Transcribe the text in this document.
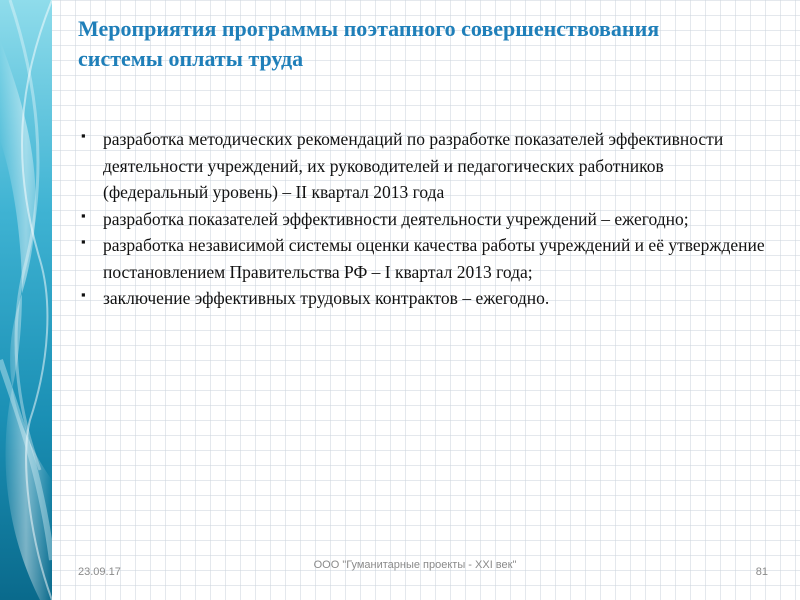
Мероприятия программы поэтапного совершенствования системы оплаты труда
▪ разработка методических рекомендаций по разработке показателей эффективности деятельности учреждений, их руководителей и педагогических работников (федеральный уровень) – II квартал 2013 года
▪ разработка показателей эффективности деятельности учреждений – ежегодно;
▪ разработка независимой системы оценки качества работы учреждений и её утверждение постановлением Правительства РФ – I квартал 2013 года;
▪ заключение эффективных трудовых контрактов – ежегодно.
23.09.17
ООО "Гуманитарные проекты - XXI век"
81
